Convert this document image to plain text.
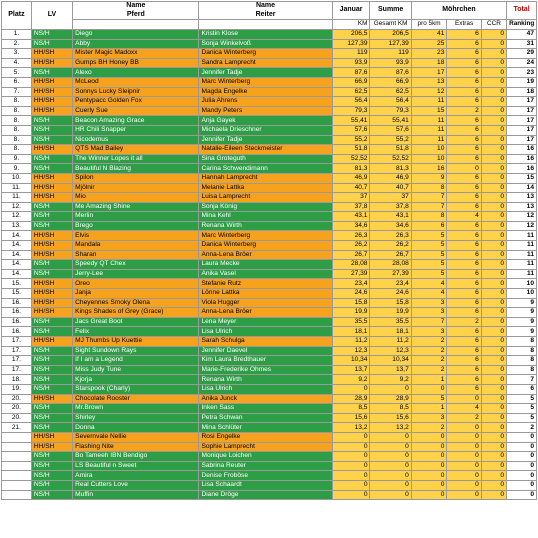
Platz	LV	Name
Pferd	Name
Reiter	Januar	Summe	Möhrchen			Total
				KM	Gesamt KM	pro 5km	Extras	CCR	Ranking
1.	NS/H	Diego	Kristin Klose	206,5	206,5	41	6	0	47
2.	NS/H	Abby	Sonja Winkelvoß	127,39	127,39	25	6	0	31
3.	HH/SH	Mister Magic Madoxx	Danica Winterberg	119	119	23	6	0	29
4.	HH/SH	Gumps BH Honey BB	Sandra Lamprecht	93,9	93,9	18	6	0	24
5.	NS/H	Alexo	Jennifer Tadje	87,6	87,6	17	6	0	23
6.	HH/SH	McLeod	Marc Winterberg	66,9	66,9	13	6	0	19
7.	HH/SH	Sonnys Lucky Sleipnir	Magda Engelke	62,5	62,5	12	6	0	18
8.	HH/SH	Pentypacc Golden Fox	Julia Ahrens	56,4	56,4	11	6	0	17
8.	HH/SH	Cuerly Sue	Mandy Peters	79,3	79,3	15	2	0	17
8.	NS/H	Beacon Amazing Grace	Anja Gayek	55,41	55,41	11	6	0	17
8.	NS/H	HR Chili Snapper	Michaela Drieschner	57,6	57,6	11	6	0	17
8.	NS/H	Nicodemus	Jennifer Tadje	55,2	55,2	11	6	0	17
8.	HH/SH	QTS Mad Bailey	Natalie-Eileen Steckmeister	51,8	51,8	10	6	0	16
9.	NS/H	The Winner Lopes it all	Sina Groteguth	52,52	52,52	10	6	0	16
9.	NS/H	Beautiful N Blazing	Carina Schwendimann	81,3	81,3	16	0	0	16
10.	HH/SH	Spilon	Hannah Lamprecht	46,9	46,9	9	6	0	15
11.	HH/SH	Mjölnir	Melanie Lattka	40,7	40,7	8	6	0	14
11.	HH/SH	Mio	Luisa Lamprecht	37	37	7	6	0	13
12.	NS/H	Me Amazing Shine	Sonja König	37,8	37,8	7	6	0	13
12.	NS/H	Merlin	Mina Kehl	43,1	43,1	8	4	0	12
13.	NS/H	Brego	Renana Wirth	34,6	34,6	6	6	0	12
14.	HH/SH	Elvis	Marc Winterberg	26,3	26,3	5	6	0	11
14.	HH/SH	Mandala	Danica Winterberg	26,2	26,2	5	6	0	11
14.	HH/SH	Sharan	Anna-Lena Bröer	26,7	26,7	5	6	0	11
14.	NS/H	Speedy QT Chex	Laura Mecke	28,08	28,08	5	6	0	11
14.	NS/H	Jerry-Lee	Anika Vasel	27,39	27,39	5	6	0	11
15.	HH/SH	Oreo	Stefanie Rutz	23,4	23,4	4	6	0	10
15.	HH/SH	Janja	Lönne Lattka	24,6	24,6	4	6	0	10
16.	HH/SH	Cheyennes Smoky Olena	Viola Hugger	15,8	15,8	3	6	0	9
16.	HH/SH	Kings Shades of Grey (Grace)	Anna-Lena Bröer	19,9	19,9	3	6	0	9
16.	NS/H	Jacs Great Boot	Lena Meyer	35,5	35,5	7	2	0	9
16.	NS/H	Felix	Lisa Ulrich	18,1	18,1	3	6	0	9
17.	HH/SH	MJ Thumbs Up Kuettie	Sarah Schulga	11,2	11,2	2	6	0	8
17.	NS/H	Sight Sundown Rays	Jennifer Daevel	12,3	12,3	2	6	0	8
17.	NS/H	If I am a Legend	Kim Laura Bredthauer	10,34	10,34	2	6	0	8
17.	NS/H	Miss Judy Tune	Marie-Frederike Ohmes	13,7	13,7	2	6	0	8
18.	NS/H	Kjorja	Renana Wirth	9,2	9,2	1	6	0	7
19.	NS/H	Starspook (Charly)	Lisa Ulrich	0	0	0	6	0	6
20.	HH/SH	Chocolate Rooster	Anika Junck	28,9	28,9	5	0	0	5
20.	NS/H	Mr.Brown	Inken Sass	8,5	8,5	1	4	0	5
20.	NS/H	Shirley	Petra Schwan	15,6	15,6	3	2	0	5
21.	NS/H	Donna	Mina Schlüter	13,2	13,2	2	0	0	2
	HH/SH	Severnvale Nellie	Rosi Engelke	0	0	0	0	0	0
	HH/SH	Flashing Nite	Sophie Lamprecht	0	0	0	0	0	0
	NS/H	Bo Tameeh IBN Bendigo	Monique Loichen	0	0	0	0	0	0
	NS/H	LS Beautiful n Sweet	Sabrina Reuter	0	0	0	0	0	0
	NS/H	Amira	Denise Froböse	0	0	0	0	0	0
	NS/H	Real Cutters Love	Lisa Schaardt	0	0	0	0	0	0
	NS/H	Muffin	Diane Dröge	0	0	0	0	0	0
